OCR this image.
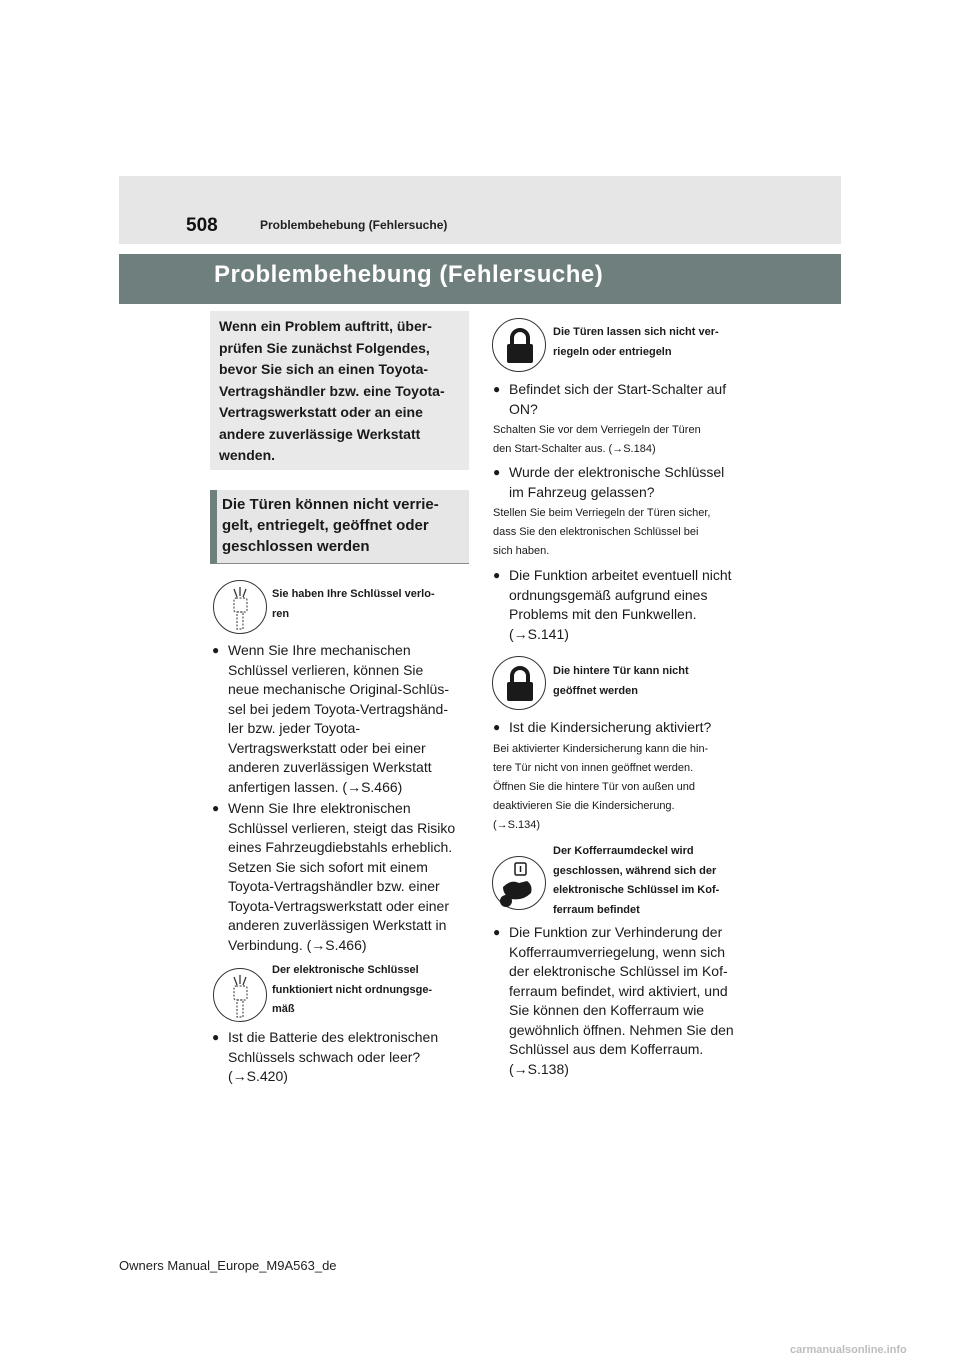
508	Problembehebung (Fehlersuche)
Problembehebung (Fehlersuche)
Wenn ein Problem auftritt, über-
prüfen Sie zunächst Folgendes,
bevor Sie sich an einen Toyota-
Vertragshändler bzw. eine Toyota-
Vertragswerkstatt oder an eine
andere zuverlässige Werkstatt
wenden.
Die Türen können nicht verrie-
gelt, entriegelt, geöffnet oder
geschlossen werden
Sie haben Ihre Schlüssel verlo-
ren
● Wenn Sie Ihre mechanischen
Schlüssel verlieren, können Sie
neue mechanische Original-Schlüs-
sel bei jedem Toyota-Vertragshänd-
ler bzw. jeder Toyota-
Vertragswerkstatt oder bei einer
anderen zuverlässigen Werkstatt
anfertigen lassen. (→S.466)
● Wenn Sie Ihre elektronischen
Schlüssel verlieren, steigt das Risiko
eines Fahrzeugdiebstahls erheblich.
Setzen Sie sich sofort mit einem
Toyota-Vertragshändler bzw. einer
Toyota-Vertragswerkstatt oder einer
anderen zuverlässigen Werkstatt in
Verbindung. (→S.466)
Der elektronische Schlüssel
funktioniert nicht ordnungsge-
mäß
● Ist die Batterie des elektronischen
Schlüssels schwach oder leer?
(→S.420)
Die Türen lassen sich nicht ver-
riegeln oder entriegeln
● Befindet sich der Start-Schalter auf
ON?
Schalten Sie vor dem Verriegeln der Türen
den Start-Schalter aus. (→S.184)
● Wurde der elektronische Schlüssel
im Fahrzeug gelassen?
Stellen Sie beim Verriegeln der Türen sicher,
dass Sie den elektronischen Schlüssel bei
sich haben.
● Die Funktion arbeitet eventuell nicht
ordnungsgemäß aufgrund eines
Problems mit den Funkwellen.
(→S.141)
Die hintere Tür kann nicht
geöffnet werden
● Ist die Kindersicherung aktiviert?
Bei aktivierter Kindersicherung kann die hin-
tere Tür nicht von innen geöffnet werden.
Öffnen Sie die hintere Tür von außen und
deaktivieren Sie die Kindersicherung.
(→S.134)
Der Kofferraumdeckel wird
geschlossen, während sich der
elektronische Schlüssel im Kof-
ferraum befindet
● Die Funktion zur Verhinderung der
Kofferraumverriegelung, wenn sich
der elektronische Schlüssel im Kof-
ferraum befindet, wird aktiviert, und
Sie können den Kofferraum wie
gewöhnlich öffnen. Nehmen Sie den
Schlüssel aus dem Kofferraum.
(→S.138)
Owners Manual_Europe_M9A563_de
carmanualsonline.info
